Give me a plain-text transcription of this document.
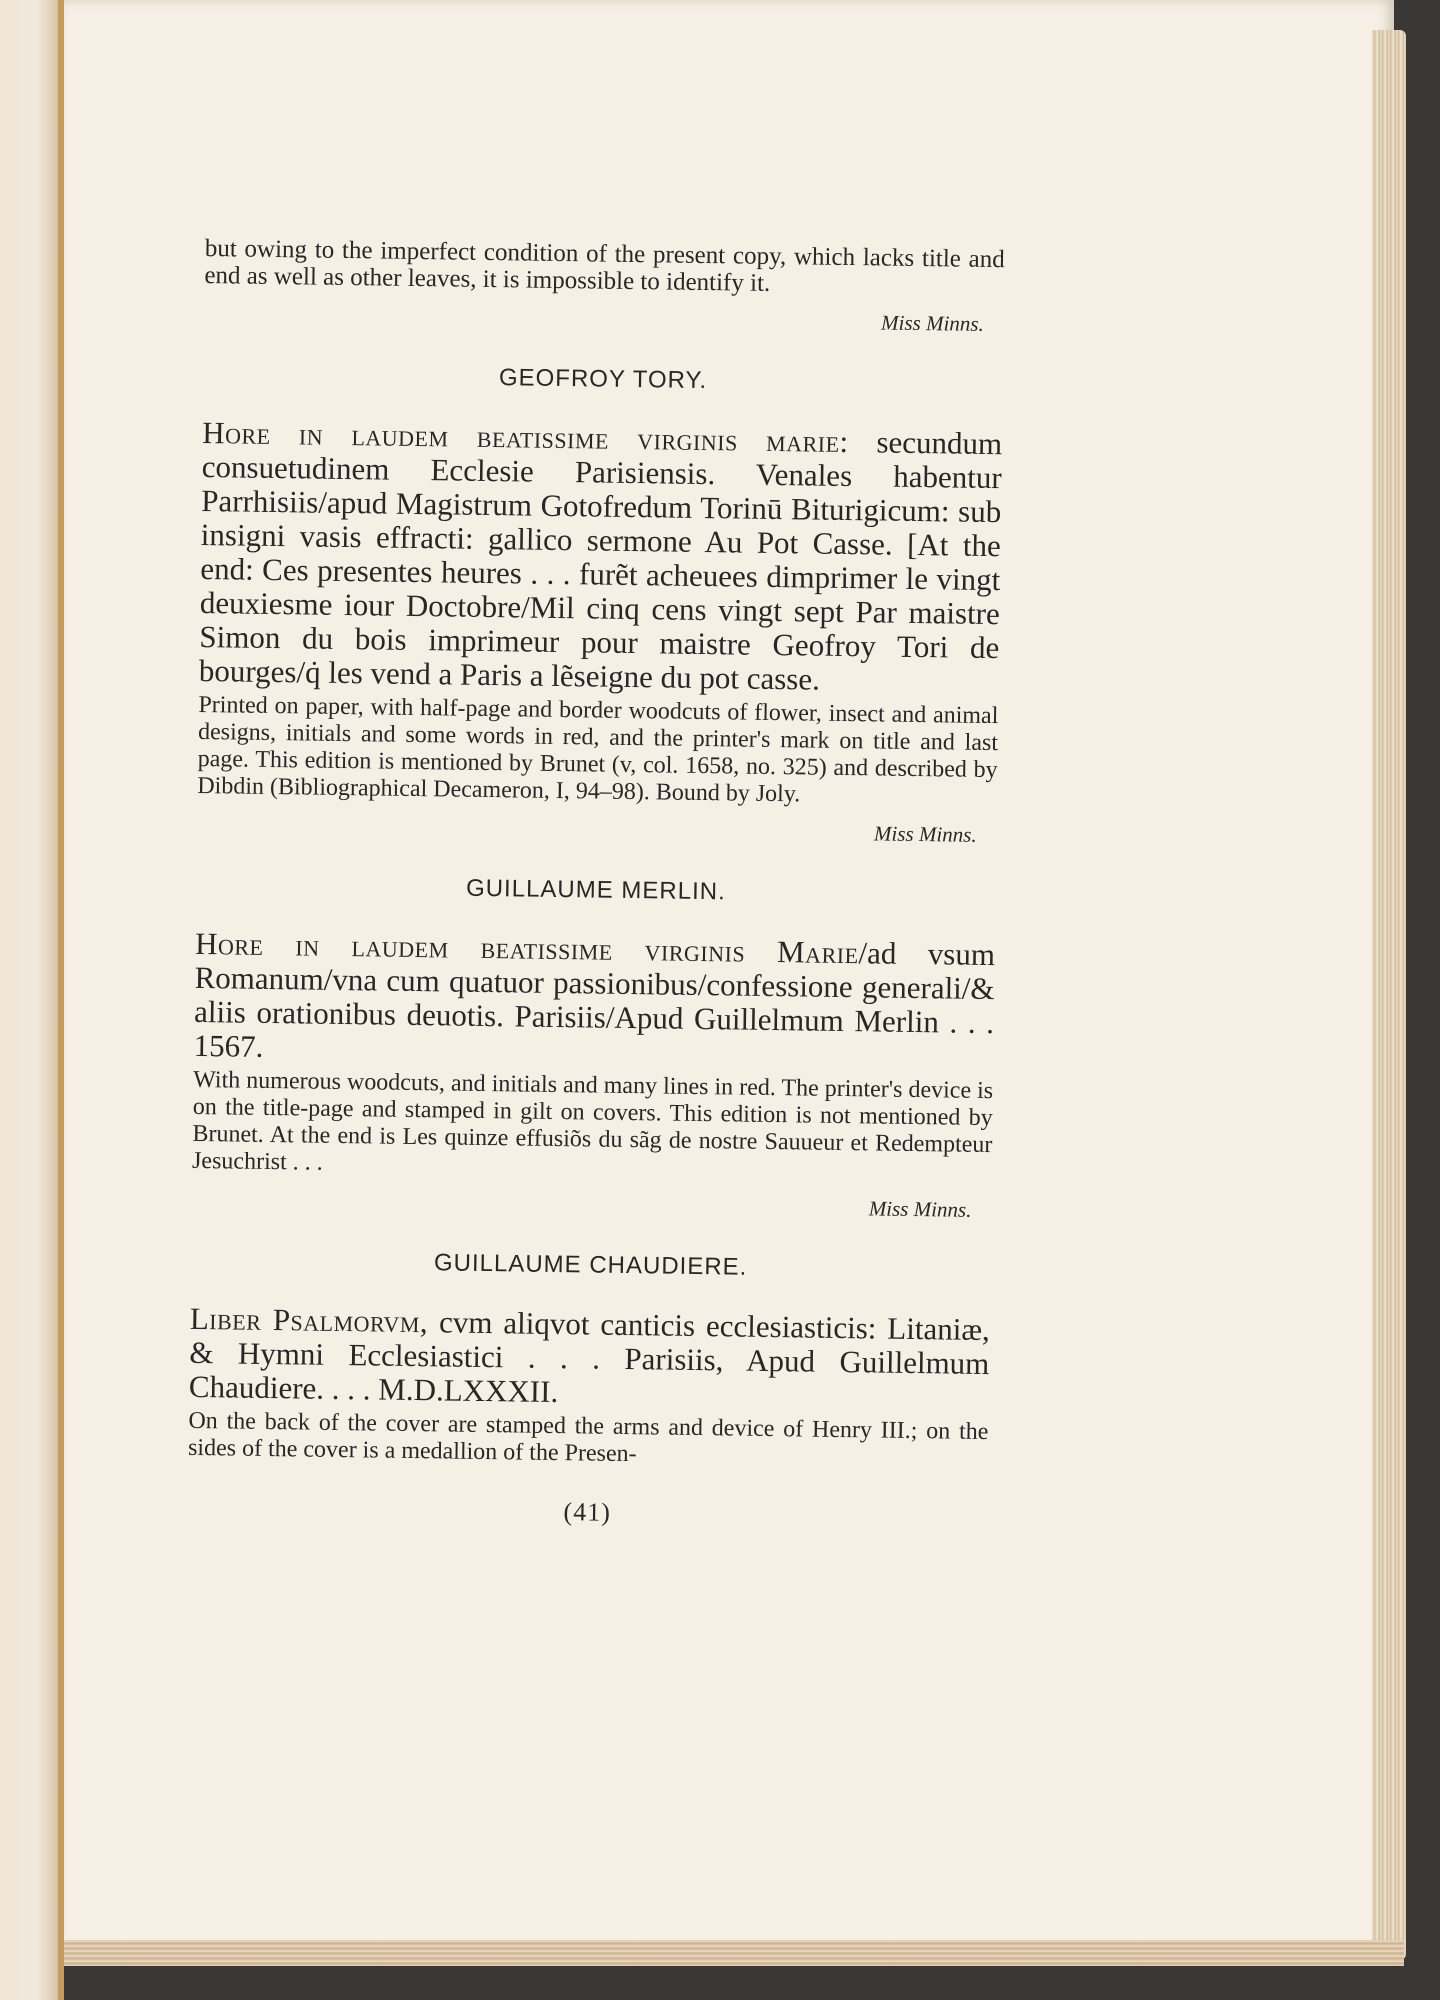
but owing to the imperfect condition of the present copy, which lacks title and end as well as other leaves, it is impossible to identify it.

Miss Minns.

GEOFROY TORY.

Hore in laudem beatissime virginis marie: secundum consuetudinem Ecclesie Parisiensis. Venales habentur Parrhisiis/apud Magistrum Gotofredum Torinū Biturigicum: sub insigni vasis effracti: gallico sermone Au Pot Casse. [At the end: Ces presentes heures . . . furẽt acheuees dimprimer le vingt deuxiesme iour Doctobre/Mil cinq cens vingt sept Par maistre Simon du bois imprimeur pour maistre Geofroy Tori de bourges/q̇ les vend a Paris a lẽseigne du pot casse.

Printed on paper, with half-page and border woodcuts of flower, insect and animal designs, initials and some words in red, and the printer's mark on title and last page. This edition is mentioned by Brunet (v, col. 1658, no. 325) and described by Dibdin (Bibliographical Decameron, I, 94–98). Bound by Joly.

Miss Minns.

GUILLAUME MERLIN.

Hore in laudem beatissime virginis Marie/ad vsum Romanum/vna cum quatuor passionibus/confessione generali/& aliis orationibus deuotis. Parisiis/Apud Guillelmum Merlin . . . 1567.

With numerous woodcuts, and initials and many lines in red. The printer's device is on the title-page and stamped in gilt on covers. This edition is not mentioned by Brunet. At the end is Les quinze effusiõs du sãg de nostre Sauueur et Redempteur Jesuchrist . . .

Miss Minns.

GUILLAUME CHAUDIERE.

Liber Psalmorvm, cvm aliqvot canticis ecclesiasticis: Litaniæ, & Hymni Ecclesiastici . . . Parisiis, Apud Guillelmum Chaudiere. . . . M.D.LXXXII.

On the back of the cover are stamped the arms and device of Henry III.; on the sides of the cover is a medallion of the Presen-

(41)
